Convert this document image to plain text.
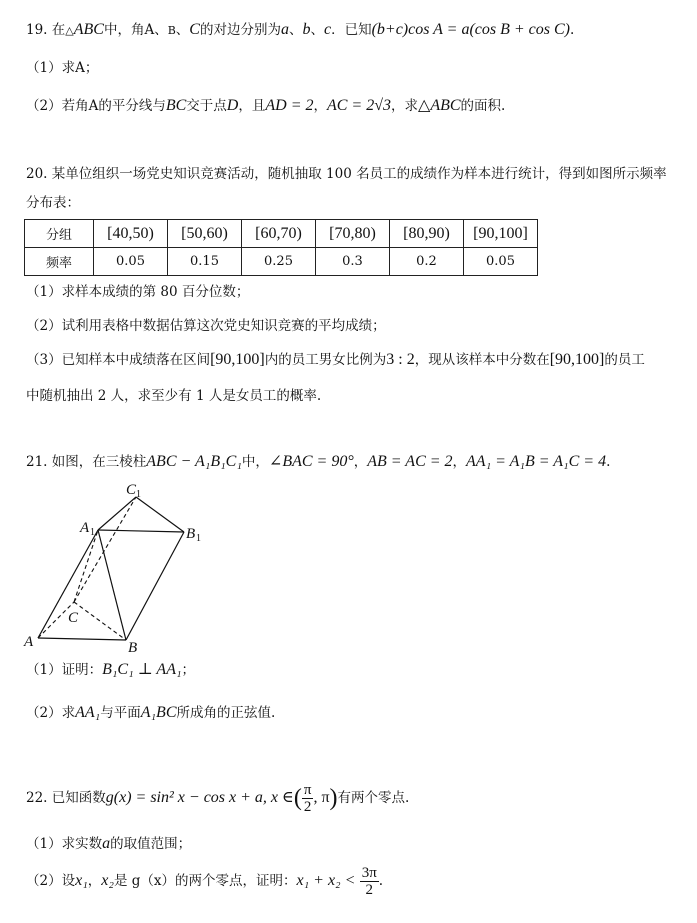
19. 在△ABC中，角A、B、C的对边分别为a、b、c．已知(b+c)cos A = a(cos B + cos C).
（1）求A；
（2）若角A的平分线与BC交于点D，且AD = 2，AC = 2√3，求△ABC的面积.
20. 某单位组织一场党史知识竞赛活动，随机抽取 100 名员工的成绩作为样本进行统计，得到如图所示频率
分布表：
分组	[40,50)	[50,60)	[60,70)	[70,80)	[80,90)	[90,100]
频率	0.05	0.15	0.25	0.3	0.2	0.05
（1）求样本成绩的第 80 百分位数；
（2）试利用表格中数据估算这次党史知识竞赛的平均成绩；
（3）已知样本中成绩落在区间[90,100]内的员工男女比例为3 : 2，现从该样本中分数在[90,100]的员工
中随机抽出 2 人，求至少有 1 人是女员工的概率.
21. 如图，在三棱柱ABC − A₁B₁C₁中，∠BAC = 90°，AB = AC = 2，AA₁ = A₁B = A₁C = 4.
A	B
C
A 1	B 1
C 1
（1）证明：B₁C₁ ⊥ AA₁；
（2）求AA₁与平面A₁BC所成角的正弦值.
22. 已知函数g(x) = sin² x − cos x + a, x ∈( $\frac{\pi}{2}$ , π)有两个零点.
（1）求实数a的取值范围；
（2）设x₁，x₂是 g（x）的两个零点，证明：$x_1 + x_2 < \frac{3\pi}{2}$ .
